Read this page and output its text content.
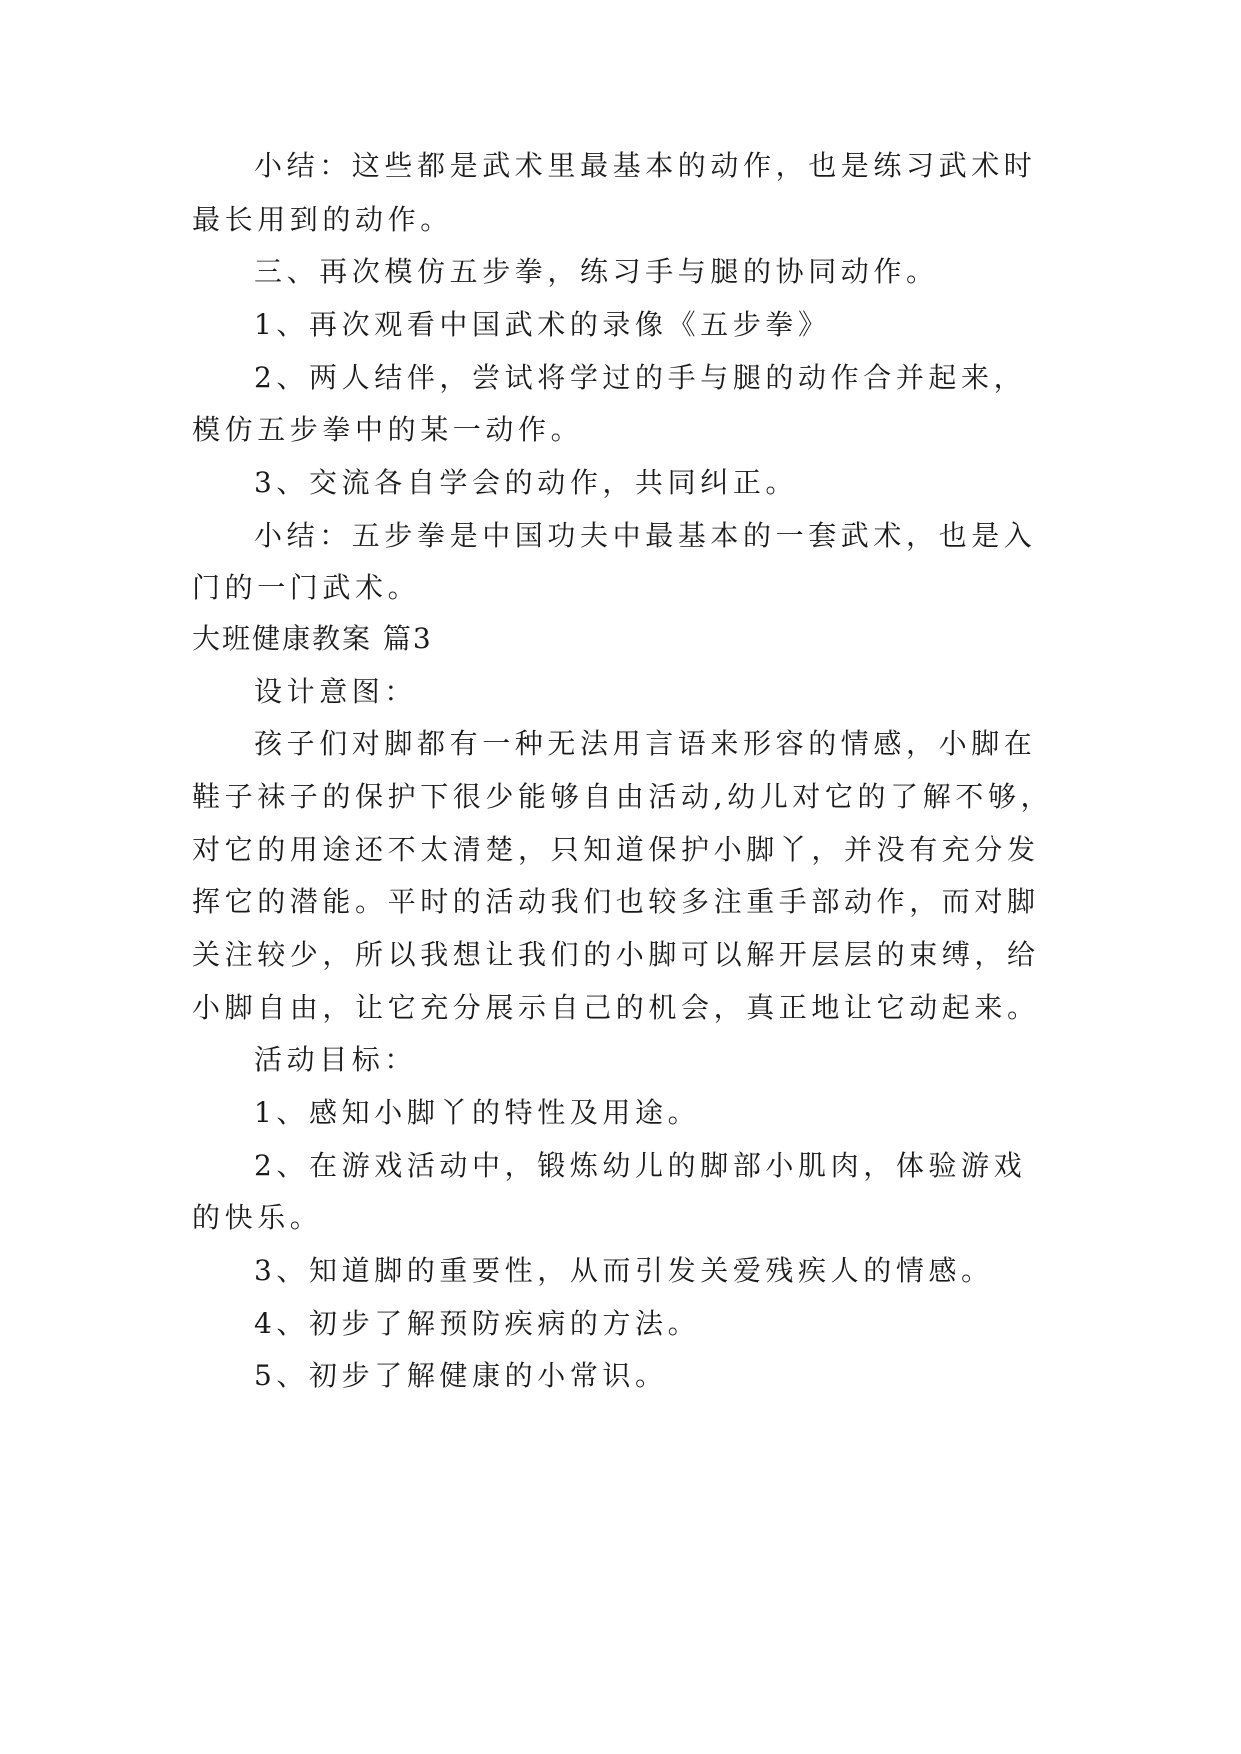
小结：这些都是武术里最基本的动作，也是练习武术时
最长用到的动作。
三、再次模仿五步拳，练习手与腿的协同动作。
1、再次观看中国武术的录像《五步拳》
2、两人结伴，尝试将学过的手与腿的动作合并起来，
模仿五步拳中的某一动作。
3、交流各自学会的动作，共同纠正。
小结：五步拳是中国功夫中最基本的一套武术，也是入
门的一门武术。
大班健康教案 篇3
设计意图：
孩子们对脚都有一种无法用言语来形容的情感，小脚在
鞋子袜子的保护下很少能够自由活动,幼儿对它的了解不够，
对它的用途还不太清楚，只知道保护小脚丫，并没有充分发
挥它的潜能。平时的活动我们也较多注重手部动作，而对脚
关注较少，所以我想让我们的小脚可以解开层层的束缚，给
小脚自由，让它充分展示自己的机会，真正地让它动起来。
活动目标：
1、感知小脚丫的特性及用途。
2、在游戏活动中，锻炼幼儿的脚部小肌肉，体验游戏
的快乐。
3、知道脚的重要性，从而引发关爱残疾人的情感。
4、初步了解预防疾病的方法。
5、初步了解健康的小常识。
